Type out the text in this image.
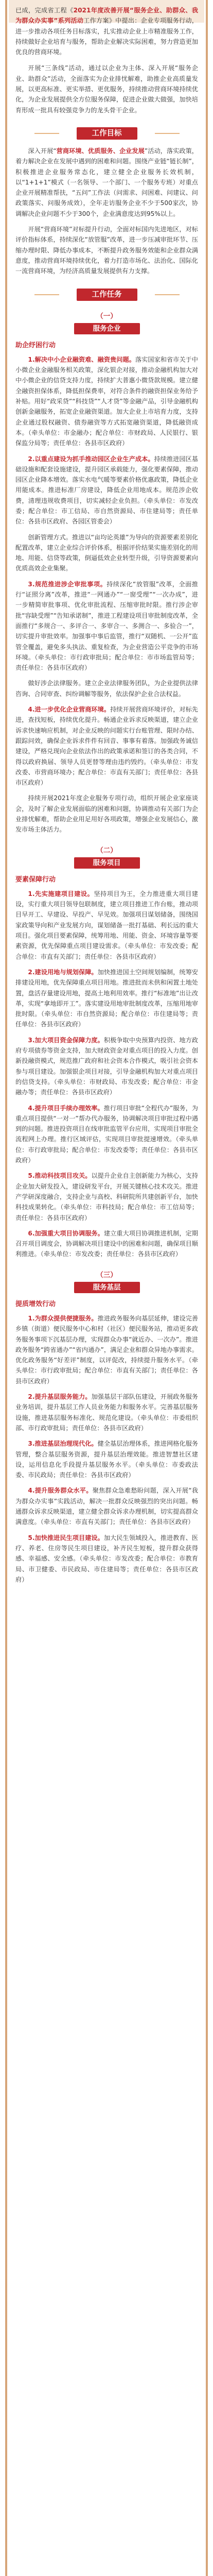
已成，完成省工程《2021年度改善开展“服务企业、助群众、我为群众办实事”系列活动工作方案》中提出：企业专项服务行动，进一步推动各项任务目标落实，扎实推动企业上市精准服务工作，持续做好企业培育与服务，帮助企业解决实际困难，努力营造更加优良的营商环境。

开展“三条线”活动，通过以企业为主体、深入开展“服务企业、助群众”活动，全面落实为企业排忧解难，助推企业高质量发展，以更高标准、更实举措、更优服务，持续推动营商环境持续优化，为企业发展提供全方位服务保障，促进企业做大做强，加快培育形成一批具有较强竞争力的龙头骨干企业。

工作目标

深入开展“营商环境、优质服务、企业发展”活动，落实政策，着力解决企业在发展中遇到的困难和问题。围绕产业链“链长制”，积极推进企业服务常态化，建立健全企业服务长效机制，以“1+1+1”模式（一名领导、一个部门、一个服务专班）对重点企业开展精准帮扶，“五问”工作法（问需求、问困难、问建议、问政策落实、问服务成效），全年走访服务企业不少于500家次，协调解决企业问题不少于300个，企业满意度达到95%以上。

开展“营商环境”对标提升行动，全面对标国内先进地区，对标评价指标体系，持续深化“放管服”改革，进一步压减审批环节、压缩办理时限、降低办事成本，不断提升政务服务效能和企业群众满意度，推动营商环境持续优化，着力打造市场化、法治化、国际化一流营商环境，为经济高质量发展提供有力支撑。

工作任务
（一）
服务企业
助企纾困行动

1.解决中小企业融资难、融资贵问题。落实国家和省市关于中小微企业金融服务相关政策，深化银企对接，推动金融机构加大对中小微企业的信贷支持力度，持续扩大普惠小微贷款规模。建立健全融资担保体系，降低担保费率，对符合条件的融资担保业务给予补贴。用好“政采贷”“科技贷”“人才贷”等金融产品，引导金融机构创新金融服务，拓宽企业融资渠道。加大企业上市培育力度，支持企业通过股权融资、债券融资等方式拓宽融资渠道，降低融资成本。（牵头单位：市金融办；配合单位：市财政局、人民银行、银保监分局等；责任单位：各县市区政府）

2.以重点建设为抓手推动园区企业生产成本。持续推进园区基础设施和配套设施建设，提升园区承载能力，强化要素保障，推动园区企业降本增效。落实水电气暖等要素价格优惠政策，降低企业用能成本。推进标准厂房建设，降低企业用地成本。规范涉企收费，清理违规收费项目，切实减轻企业负担。（牵头单位：市发改委；配合单位：市工信局、市自然资源局、市住建局等；责任单位：各县市区政府、各园区管委会）

创新管理方式。推进以“亩均论英雄”为导向的资源要素差别化配置改革，建立企业综合评价体系，根据评价结果实施差别化的用地、用能、信贷等政策，倒逼低效企业转型升级，引导资源要素向优质高效企业集聚。

3.规范推进涉企审批事项。持续深化“放管服”改革，全面推行“证照分离”改革，推进“一网通办”“一窗受理”“一次办成”，进一步精简审批事项、优化审批流程、压缩审批时限。推行涉企审批“容缺受理”“告知承诺制”，推进工程建设项目审批制度改革，全面推行“多规合一、多评合一、多审合一、多测合一、多验合一”，切实提升审批效率。加强事中事后监管，推行“双随机、一公开”监管全覆盖，避免多头执法、重复检查，为企业营造公平竞争的市场环境。（牵头单位：市行政审批局；配合单位：市市场监管局等；责任单位：各县市区政府）

做好涉企法律服务。建立企业法律服务团队，为企业提供法律咨询、合同审查、纠纷调解等服务，依法保护企业合法权益。

4.进一步优化企业营商环境。持续开展营商环境评价，对标先进，查找短板，持续优化提升。畅通企业诉求反映渠道，建立企业诉求快速响应机制，对企业反映的问题实行台账管理、限时办结、跟踪问效，确保企业诉求件件有回音、事事有着落。加强政务诚信建设，严格兑现向企业依法作出的政策承诺和签订的各类合同，不得以政府换届、领导人员更替等理由违约毁约。（牵头单位：市发改委、市营商环境办；配合单位：市直有关部门；责任单位：各县市区政府）

持续开展2021年度企业服务专项行动，组织开展企业家座谈会，及时了解企业发展面临的困难和问题，协调推动有关部门为企业排忧解难，帮助企业用足用好各项政策，增强企业发展信心，激发市场主体活力。

（二）
服务项目
要素保障行动

1.先实施建项目建设。坚持项目为王，全力推进重大项目建设，实行重大项目领导包联制度，建立项目推进工作台账，推动项目早开工、早建设、早投产、早见效。加强项目谋划储备，围绕国家政策导向和产业发展方向，谋划储备一批打基础、利长远的重大项目。强化项目要素保障，统筹用地、用能、资金、环境容量等要素资源，优先保障重点项目建设需求。（牵头单位：市发改委；配合单位：市直有关部门；责任单位：各县市区政府）

2.建设用地与规划保障。加快推进国土空间规划编制，统筹安排建设用地，优先保障重点项目用地。推进批而未供和闲置土地处置，盘活存量建设用地，提高土地利用效率。推行“标准地”出让改革，实现“拿地即开工”。落实建设用地审批制度改革，压缩用地审批时限。（牵头单位：市自然资源局；配合单位：市住建局等；责任单位：各县市区政府）

3.加大项目资金保障力度。积极争取中央预算内投资、地方政府专项债券等资金支持，加大财政资金对重点项目的投入力度。创新投融资模式，规范推广政府和社会资本合作模式，吸引社会资本参与项目建设。加强银企项目对接，引导金融机构加大对重点项目的信贷支持。（牵头单位：市财政局、市发改委；配合单位：市金融办等；责任单位：各县市区政府）

4.提升项目手续办理效率。推行项目审批“全程代办”服务，为重点项目提供“一对一”帮办代办服务，协调解决项目审批过程中遇到的问题。推进投资项目在线审批监管平台应用，实现项目审批全流程网上办理。推行区域评估，实现项目审批提速增效。（牵头单位：市行政审批局；配合单位：市发改委等；责任单位：各县市区政府）

5.推动科技项目攻关。以提升企业自主创新能力为核心，支持企业加大研发投入，建设研发平台，开展关键核心技术攻关。推进产学研深度融合，支持企业与高校、科研院所共建创新平台，加快科技成果转化。（牵头单位：市科技局；配合单位：市工信局等；责任单位：各县市区政府）

6.加强重大项目协调服务。建立重大项目协调推进机制，定期召开项目调度会，协调解决项目建设中的困难和问题，确保项目顺利推进。（牵头单位：市发改委；责任单位：各县市区政府）

（三）
服务基层
提质增效行动

1.为群众提供便捷服务。推进政务服务向基层延伸，建设完善乡镇（街道）便民服务中心和村（社区）便民服务站，推动更多政务服务事项下沉基层办理，实现群众办事“就近办、一次办”。推进政务服务“跨省通办”“省内通办”，满足企业和群众异地办事需求。优化政务服务“好差评”制度，以评促改，持续提升服务水平。（牵头单位：市行政审批局；配合单位：市直有关部门；责任单位：各县市区政府）

2.提升基层服务能力。加强基层干部队伍建设，开展政务服务业务培训，提升基层工作人员业务能力和服务水平。完善基层服务设施，推进基层服务标准化、规范化建设。（牵头单位：市委组织部、市行政审批局；责任单位：各县市区政府）

3.推进基层治理现代化。健全基层治理体系，推进网格化服务管理，整合基层服务资源，提升基层治理效能。推进智慧社区建设，运用信息化手段提升基层服务水平。（牵头单位：市委政法委、市民政局；责任单位：各县市区政府）

4.提升服务群众水平。聚焦群众急难愁盼问题，深入开展“我为群众办实事”实践活动，解决一批群众反映强烈的突出问题。畅通群众诉求反映渠道，建立健全群众诉求办理机制，切实提高群众满意度。（牵头单位：市直有关部门；责任单位：各县市区政府）

5.加快推进民生项目建设。加大民生领域投入，推进教育、医疗、养老、住房等民生项目建设，补齐民生短板，提升群众获得感、幸福感、安全感。（牵头单位：市发改委；配合单位：市教育局、市卫健委、市民政局、市住建局等；责任单位：各县市区政府）
